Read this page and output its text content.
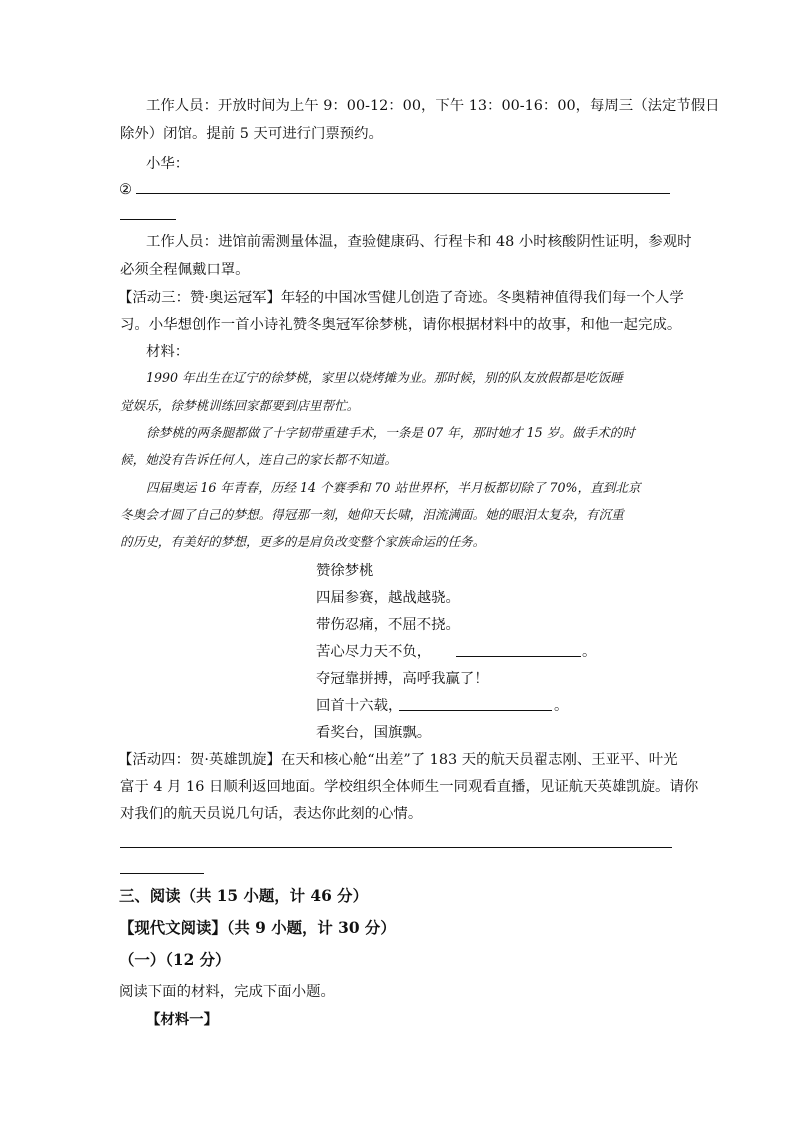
工作人员：开放时间为上午 9：00-12：00，下午 13：00-16：00，每周三（法定节假日
除外）闭馆。提前 5 天可进行门票预约。
小华：
②
工作人员：进馆前需测量体温，查验健康码、行程卡和 48 小时核酸阴性证明，参观时
必须全程佩戴口罩。
【活动三：赞·奥运冠军】年轻的中国冰雪健儿创造了奇迹。冬奥精神值得我们每一个人学
习。小华想创作一首小诗礼赞冬奥冠军徐梦桃，请你根据材料中的故事，和他一起完成。
材料：
1990 年出生在辽宁的徐梦桃，家里以烧烤摊为业。那时候，别的队友放假都是吃饭睡
觉娱乐，徐梦桃训练回家都要到店里帮忙。
徐梦桃的两条腿都做了十字韧带重建手术，一条是 07 年，那时她才 15 岁。做手术的时
候，她没有告诉任何人，连自己的家长都不知道。
四届奥运 16 年青春，历经 14 个赛季和 70 站世界杯，半月板都切除了 70%，直到北京
冬奥会才圆了自己的梦想。得冠那一刻，她仰天长啸，泪流满面。她的眼泪太复杂，有沉重
的历史，有美好的梦想，更多的是肩负改变整个家族命运的任务。
赞徐梦桃
四届参赛，越战越骁。
带伤忍痛，不屈不挠。
苦心尽力天不负，	。
夺冠靠拼搏，高呼我赢了！
回首十六载，	。
看奖台，国旗飘。
【活动四：贺·英雄凯旋】在天和核心舱“出差”了 183 天的航天员翟志刚、王亚平、叶光
富于 4 月 16 日顺利返回地面。学校组织全体师生一同观看直播，见证航天英雄凯旋。请你
对我们的航天员说几句话，表达你此刻的心情。
三、阅读（共 15 小题，计 46 分）
【现代文阅读】（共 9 小题，计 30 分）
（一）（12 分）
阅读下面的材料，完成下面小题。
【材料一】
